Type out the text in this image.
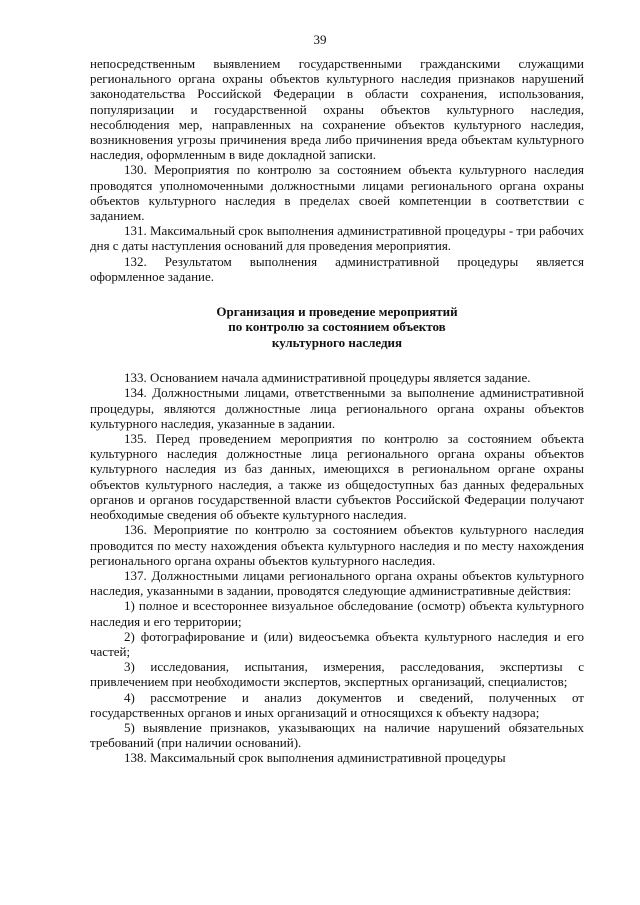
39

непосредственным выявлением государственными гражданскими служащими регионального органа охраны объектов культурного наследия признаков нарушений законодательства Российской Федерации в области сохранения, использования, популяризации и государственной охраны объектов культурного наследия, несоблюдения мер, направленных на сохранение объектов культурного наследия, возникновения угрозы причинения вреда либо причинения вреда объектам культурного наследия, оформленным в виде докладной записки.

130. Мероприятия по контролю за состоянием объекта культурного наследия проводятся уполномоченными должностными лицами регионального органа охраны объектов культурного наследия в пределах своей компетенции в соответствии с заданием.

131. Максимальный срок выполнения административной процедуры - три рабочих дня с даты наступления оснований для проведения мероприятия.

132. Результатом выполнения административной процедуры является оформленное задание.

Организация и проведение мероприятий
по контролю за состоянием объектов
культурного наследия

133. Основанием начала административной процедуры является задание.

134. Должностными лицами, ответственными за выполнение административной процедуры, являются должностные лица регионального органа охраны объектов культурного наследия, указанные в задании.

135. Перед проведением мероприятия по контролю за состоянием объекта культурного наследия должностные лица регионального органа охраны объектов культурного наследия из баз данных, имеющихся в региональном органе охраны объектов культурного наследия, а также из общедоступных баз данных федеральных органов и органов государственной власти субъектов Российской Федерации получают необходимые сведения об объекте культурного наследия.

136. Мероприятие по контролю за состоянием объектов культурного наследия проводится по месту нахождения объекта культурного наследия и по месту нахождения регионального органа охраны объектов культурного наследия.

137. Должностными лицами регионального органа охраны объектов культурного наследия, указанными в задании, проводятся следующие административные действия:

1) полное и всестороннее визуальное обследование (осмотр) объекта культурного наследия и его территории;

2) фотографирование и (или) видеосъемка объекта культурного наследия и его частей;

3) исследования, испытания, измерения, расследования, экспертизы с привлечением при необходимости экспертов, экспертных организаций, специалистов;

4) рассмотрение и анализ документов и сведений, полученных от государственных органов и иных организаций и относящихся к объекту надзора;

5) выявление признаков, указывающих на наличие нарушений обязательных требований (при наличии оснований).

138. Максимальный срок выполнения административной процедуры
